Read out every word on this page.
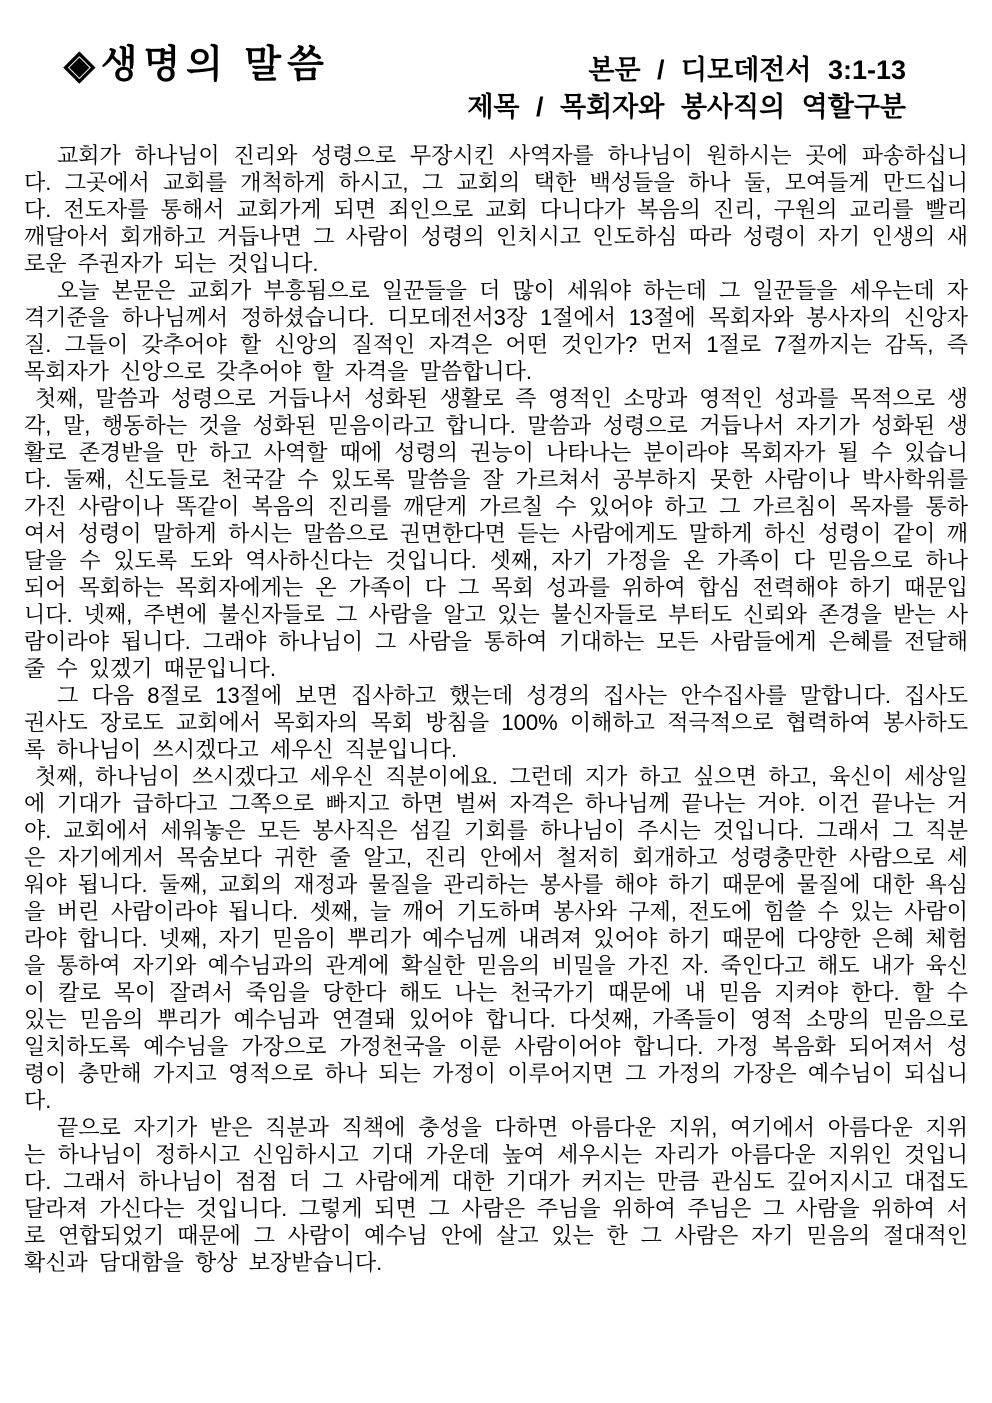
◈ 생명의 말씀	본문 / 디모데전서 3:1-13
제목 / 목회자와 봉사직의 역할구분

교회가 하나님이 진리와 성령으로 무장시킨 사역자를 하나님이 원하시는 곳에 파송하십니다. 그곳에서 교회를 개척하게 하시고, 그 교회의 택한 백성들을 하나 둘, 모여들게 만드십니다. 전도자를 통해서 교회가게 되면 죄인으로 교회 다니다가 복음의 진리, 구원의 교리를 빨리 깨달아서 회개하고 거듭나면 그 사람이 성령의 인치시고 인도하심 따라 성령이 자기 인생의 새로운 주권자가 되는 것입니다.

오늘 본문은 교회가 부흥됨으로 일꾼들을 더 많이 세워야 하는데 그 일꾼들을 세우는데 자격기준을 하나님께서 정하셨습니다. 디모데전서3장 1절에서 13절에 목회자와 봉사자의 신앙자질. 그들이 갖추어야 할 신앙의 질적인 자격은 어떤 것인가? 먼저 1절로 7절까지는 감독, 즉 목회자가 신앙으로 갖추어야 할 자격을 말씀합니다.

첫째, 말씀과 성령으로 거듭나서 성화된 생활로 즉 영적인 소망과 영적인 성과를 목적으로 생각, 말, 행동하는 것을 성화된 믿음이라고 합니다. 말씀과 성령으로 거듭나서 자기가 성화된 생활로 존경받을 만 하고 사역할 때에 성령의 권능이 나타나는 분이라야 목회자가 될 수 있습니다. 둘째, 신도들로 천국갈 수 있도록 말씀을 잘 가르쳐서 공부하지 못한 사람이나 박사학위를 가진 사람이나 똑같이 복음의 진리를 깨닫게 가르칠 수 있어야 하고 그 가르침이 목자를 통하여서 성령이 말하게 하시는 말씀으로 권면한다면 듣는 사람에게도 말하게 하신 성령이 같이 깨달을 수 있도록 도와 역사하신다는 것입니다. 셋째, 자기 가정을 온 가족이 다 믿음으로 하나 되어 목회하는 목회자에게는 온 가족이 다 그 목회 성과를 위하여 합심 전력해야 하기 때문입니다. 넷째, 주변에 불신자들로 그 사람을 알고 있는 불신자들로 부터도 신뢰와 존경을 받는 사람이라야 됩니다. 그래야 하나님이 그 사람을 통하여 기대하는 모든 사람들에게 은혜를 전달해 줄 수 있겠기 때문입니다.

그 다음 8절로 13절에 보면 집사하고 했는데 성경의 집사는 안수집사를 말합니다. 집사도 권사도 장로도 교회에서 목회자의 목회 방침을 100% 이해하고 적극적으로 협력하여 봉사하도록 하나님이 쓰시겠다고 세우신 직분입니다.

첫째, 하나님이 쓰시겠다고 세우신 직분이에요. 그런데 지가 하고 싶으면 하고, 육신이 세상일에 기대가 급하다고 그쪽으로 빠지고 하면 벌써 자격은 하나님께 끝나는 거야. 이건 끝나는 거야. 교회에서 세워놓은 모든 봉사직은 섬길 기회를 하나님이 주시는 것입니다. 그래서 그 직분은 자기에게서 목숨보다 귀한 줄 알고, 진리 안에서 철저히 회개하고 성령충만한 사람으로 세워야 됩니다. 둘째, 교회의 재정과 물질을 관리하는 봉사를 해야 하기 때문에 물질에 대한 욕심을 버린 사람이라야 됩니다. 셋째, 늘 깨어 기도하며 봉사와 구제, 전도에 힘쓸 수 있는 사람이라야 합니다. 넷째, 자기 믿음이 뿌리가 예수님께 내려져 있어야 하기 때문에 다양한 은혜 체험을 통하여 자기와 예수님과의 관계에 확실한 믿음의 비밀을 가진 자. 죽인다고 해도 내가 육신이 칼로 목이 잘려서 죽임을 당한다 해도 나는 천국가기 때문에 내 믿음 지켜야 한다. 할 수 있는 믿음의 뿌리가 예수님과 연결돼 있어야 합니다. 다섯째, 가족들이 영적 소망의 믿음으로 일치하도록 예수님을 가장으로 가정천국을 이룬 사람이어야 합니다. 가정 복음화 되어져서 성령이 충만해 가지고 영적으로 하나 되는 가정이 이루어지면 그 가정의 가장은 예수님이 되십니다.

끝으로 자기가 받은 직분과 직책에 충성을 다하면 아름다운 지위, 여기에서 아름다운 지위는 하나님이 정하시고 신임하시고 기대 가운데 높여 세우시는 자리가 아름다운 지위인 것입니다. 그래서 하나님이 점점 더 그 사람에게 대한 기대가 커지는 만큼 관심도 깊어지시고 대접도 달라져 가신다는 것입니다. 그렇게 되면 그 사람은 주님을 위하여 주님은 그 사람을 위하여 서로 연합되었기 때문에 그 사람이 예수님 안에 살고 있는 한 그 사람은 자기 믿음의 절대적인 확신과 담대함을 항상 보장받습니다.
